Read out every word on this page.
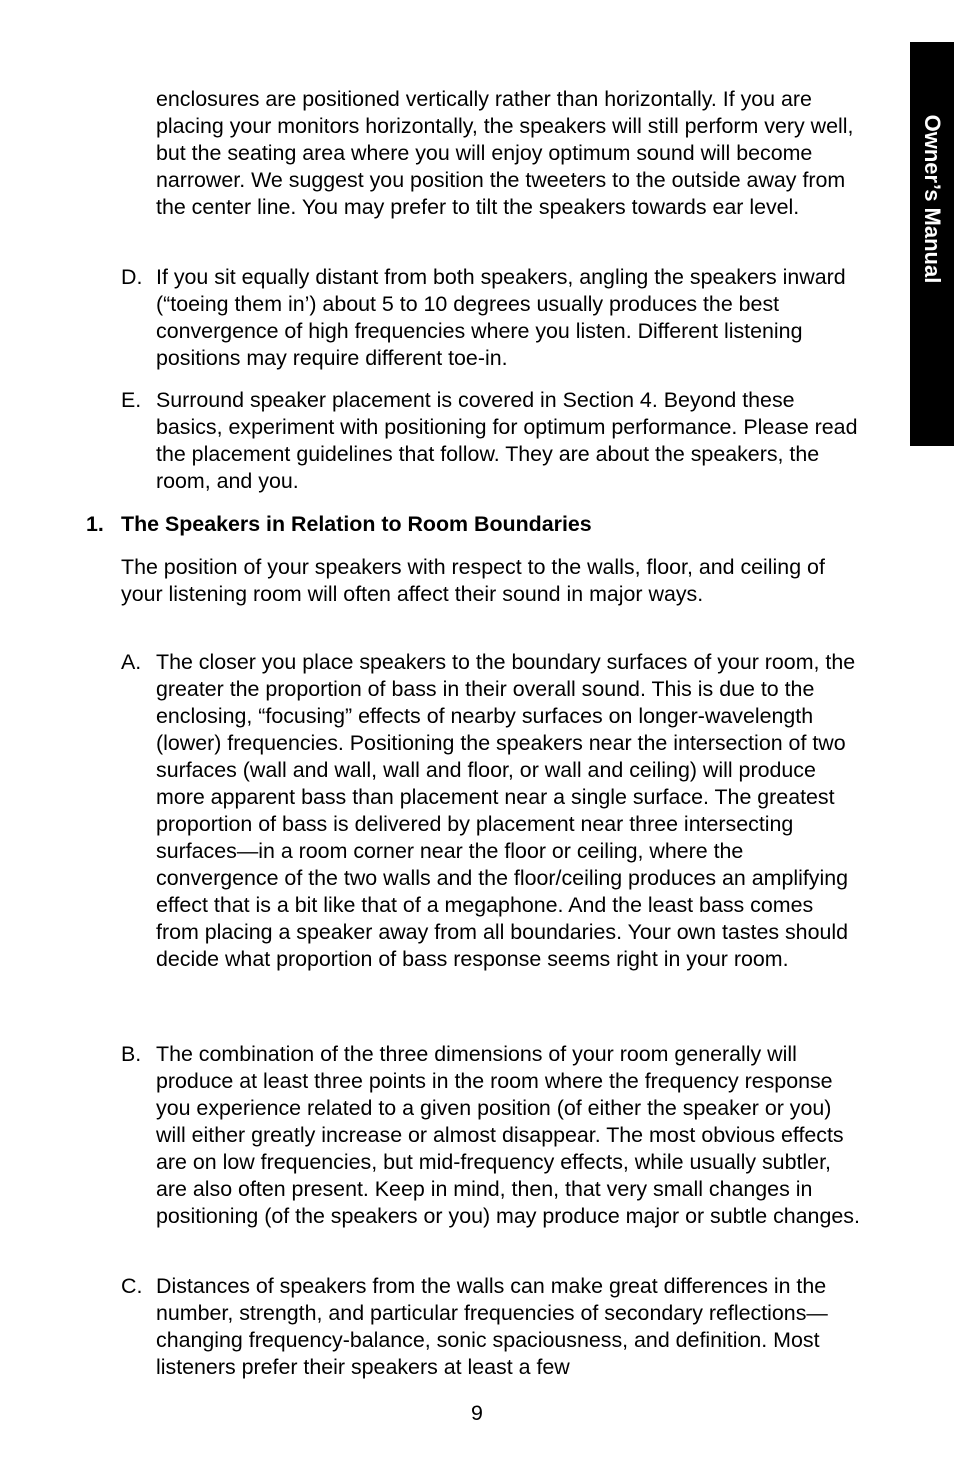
Owner’s Manual

enclosures are positioned vertically rather than horizontally. If you are placing your monitors horizontally, the speakers will still perform very well, but the seating area where you will enjoy optimum sound will become narrower. We suggest you position the tweeters to the outside away from the center line. You may prefer to tilt the speakers towards ear level.

D. If you sit equally distant from both speakers, angling the speakers inward (“toeing them in’) about 5 to 10 degrees usually produces the best convergence of high frequencies where you listen. Different listening positions may require different toe-in.
E. Surround speaker placement is covered in Section 4. Beyond these basics, experiment with positioning for optimum performance. Please read the placement guidelines that follow. They are about the speakers, the room, and you.
1. The Speakers in Relation to Room Boundaries

The position of your speakers with respect to the walls, floor, and ceiling of your listening room will often affect their sound in major ways.

A. The closer you place speakers to the boundary surfaces of your room, the greater the proportion of bass in their overall sound. This is due to the enclosing, “focusing” effects of nearby surfaces on longer-wavelength (lower) frequencies. Positioning the speakers near the intersection of two surfaces (wall and wall, wall and floor, or wall and ceiling) will produce more apparent bass than placement near a single surface. The greatest proportion of bass is delivered by placement near three intersecting surfaces—in a room corner near the floor or ceiling, where the convergence of the two walls and the floor/ceiling produces an amplifying effect that is a bit like that of a megaphone. And the least bass comes from placing a speaker away from all boundaries. Your own tastes should decide what proportion of bass response seems right in your room.
B. The combination of the three dimensions of your room generally will produce at least three points in the room where the frequency response you experience related to a given position (of either the speaker or you) will either greatly increase or almost disappear. The most obvious effects are on low frequencies, but mid-frequency effects, while usually subtler, are also often present. Keep in mind, then, that very small changes in positioning (of the speakers or you) may produce major or subtle changes.
C. Distances of speakers from the walls can make great differences in the number, strength, and particular frequencies of secondary reflections—changing frequency-balance, sonic spaciousness, and definition. Most listeners prefer their speakers at least a few
9
